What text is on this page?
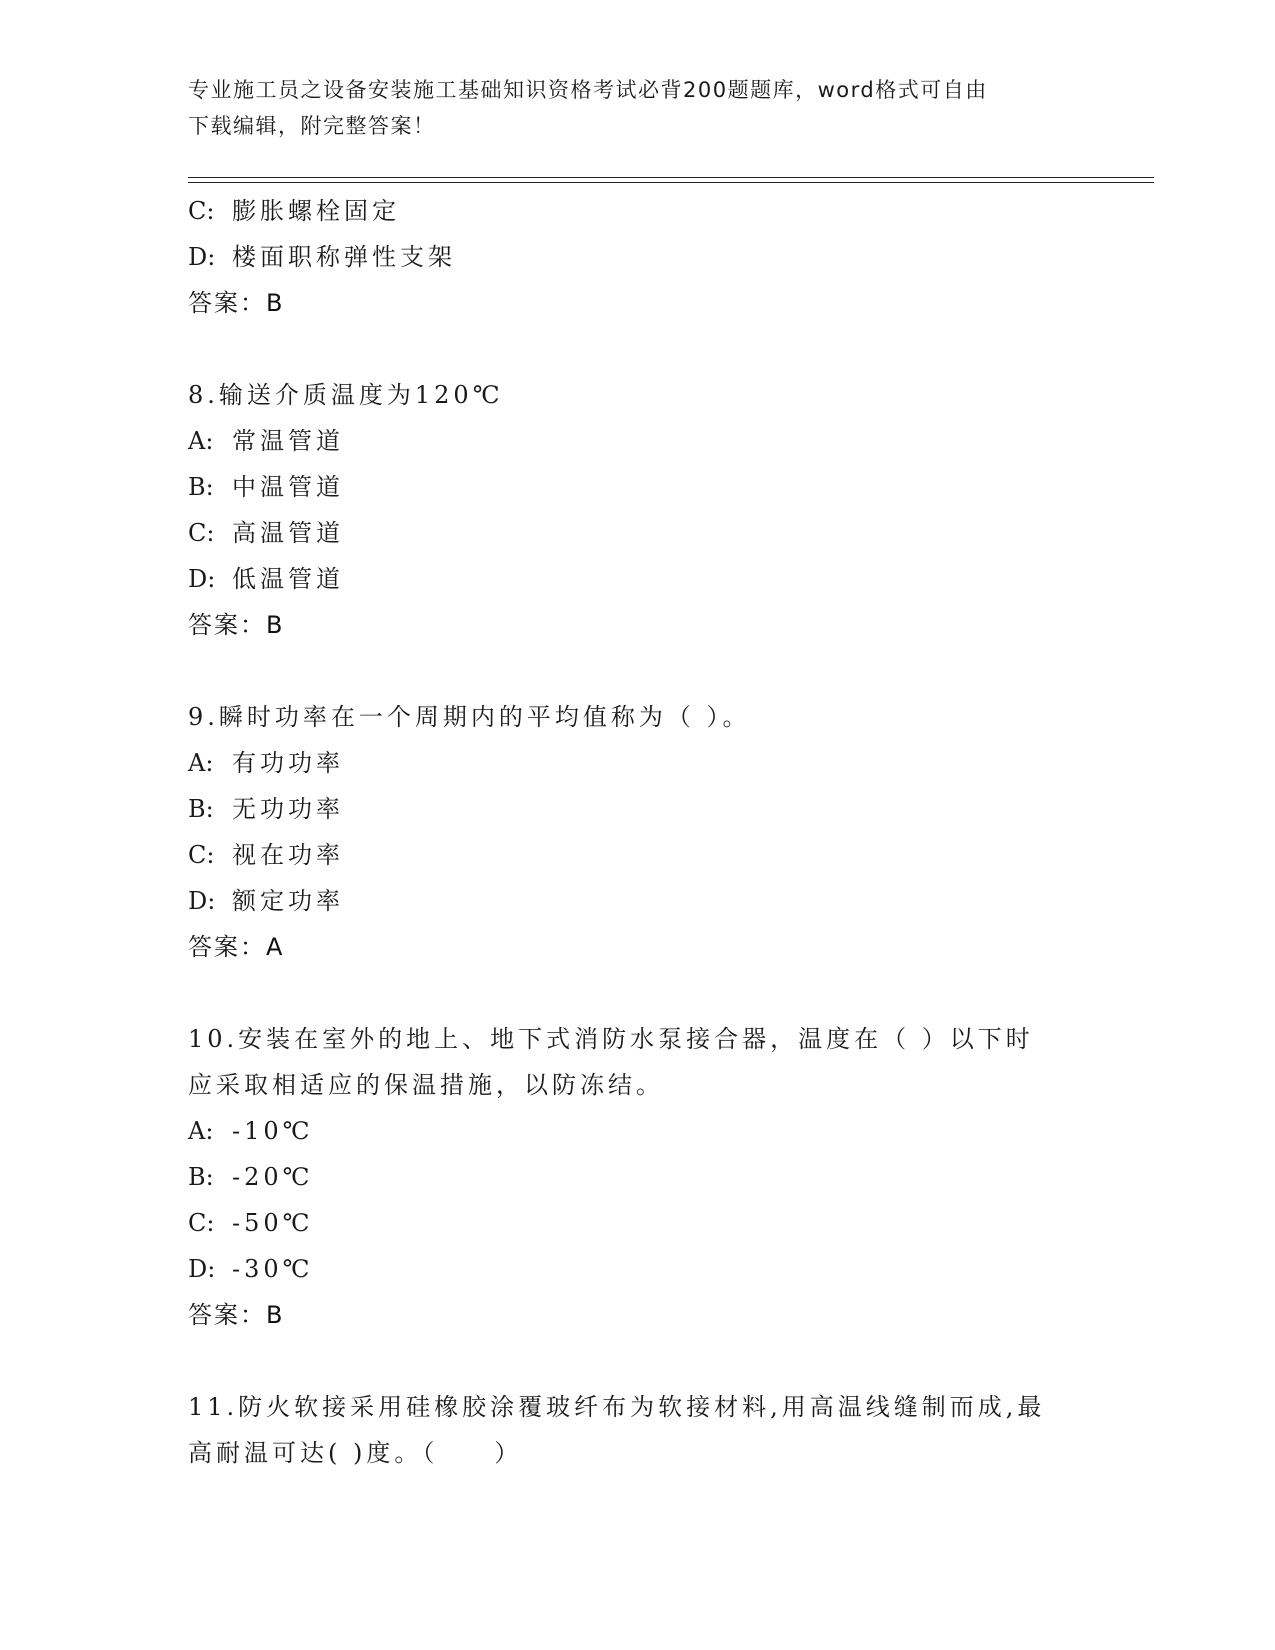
专业施工员之设备安装施工基础知识资格考试必背200题题库，word格式可自由
下载编辑，附完整答案！
C: 膨胀螺栓固定
D: 楼面职称弹性支架
答案：B
8.输送介质温度为120℃
A: 常温管道
B: 中温管道
C: 高温管道
D: 低温管道
答案：B
9.瞬时功率在一个周期内的平均值称为（ ）。
A: 有功功率
B: 无功功率
C: 视在功率
D: 额定功率
答案：A
10.安装在室外的地上、地下式消防水泵接合器，温度在（ ）以下时
应采取相适应的保温措施，以防冻结。
A: -10℃
B: -20℃
C: -50℃
D: -30℃
答案：B
11.防火软接采用硅橡胶涂覆玻纤布为软接材料,用高温线缝制而成,最
高耐温可达( )度。（　　）
